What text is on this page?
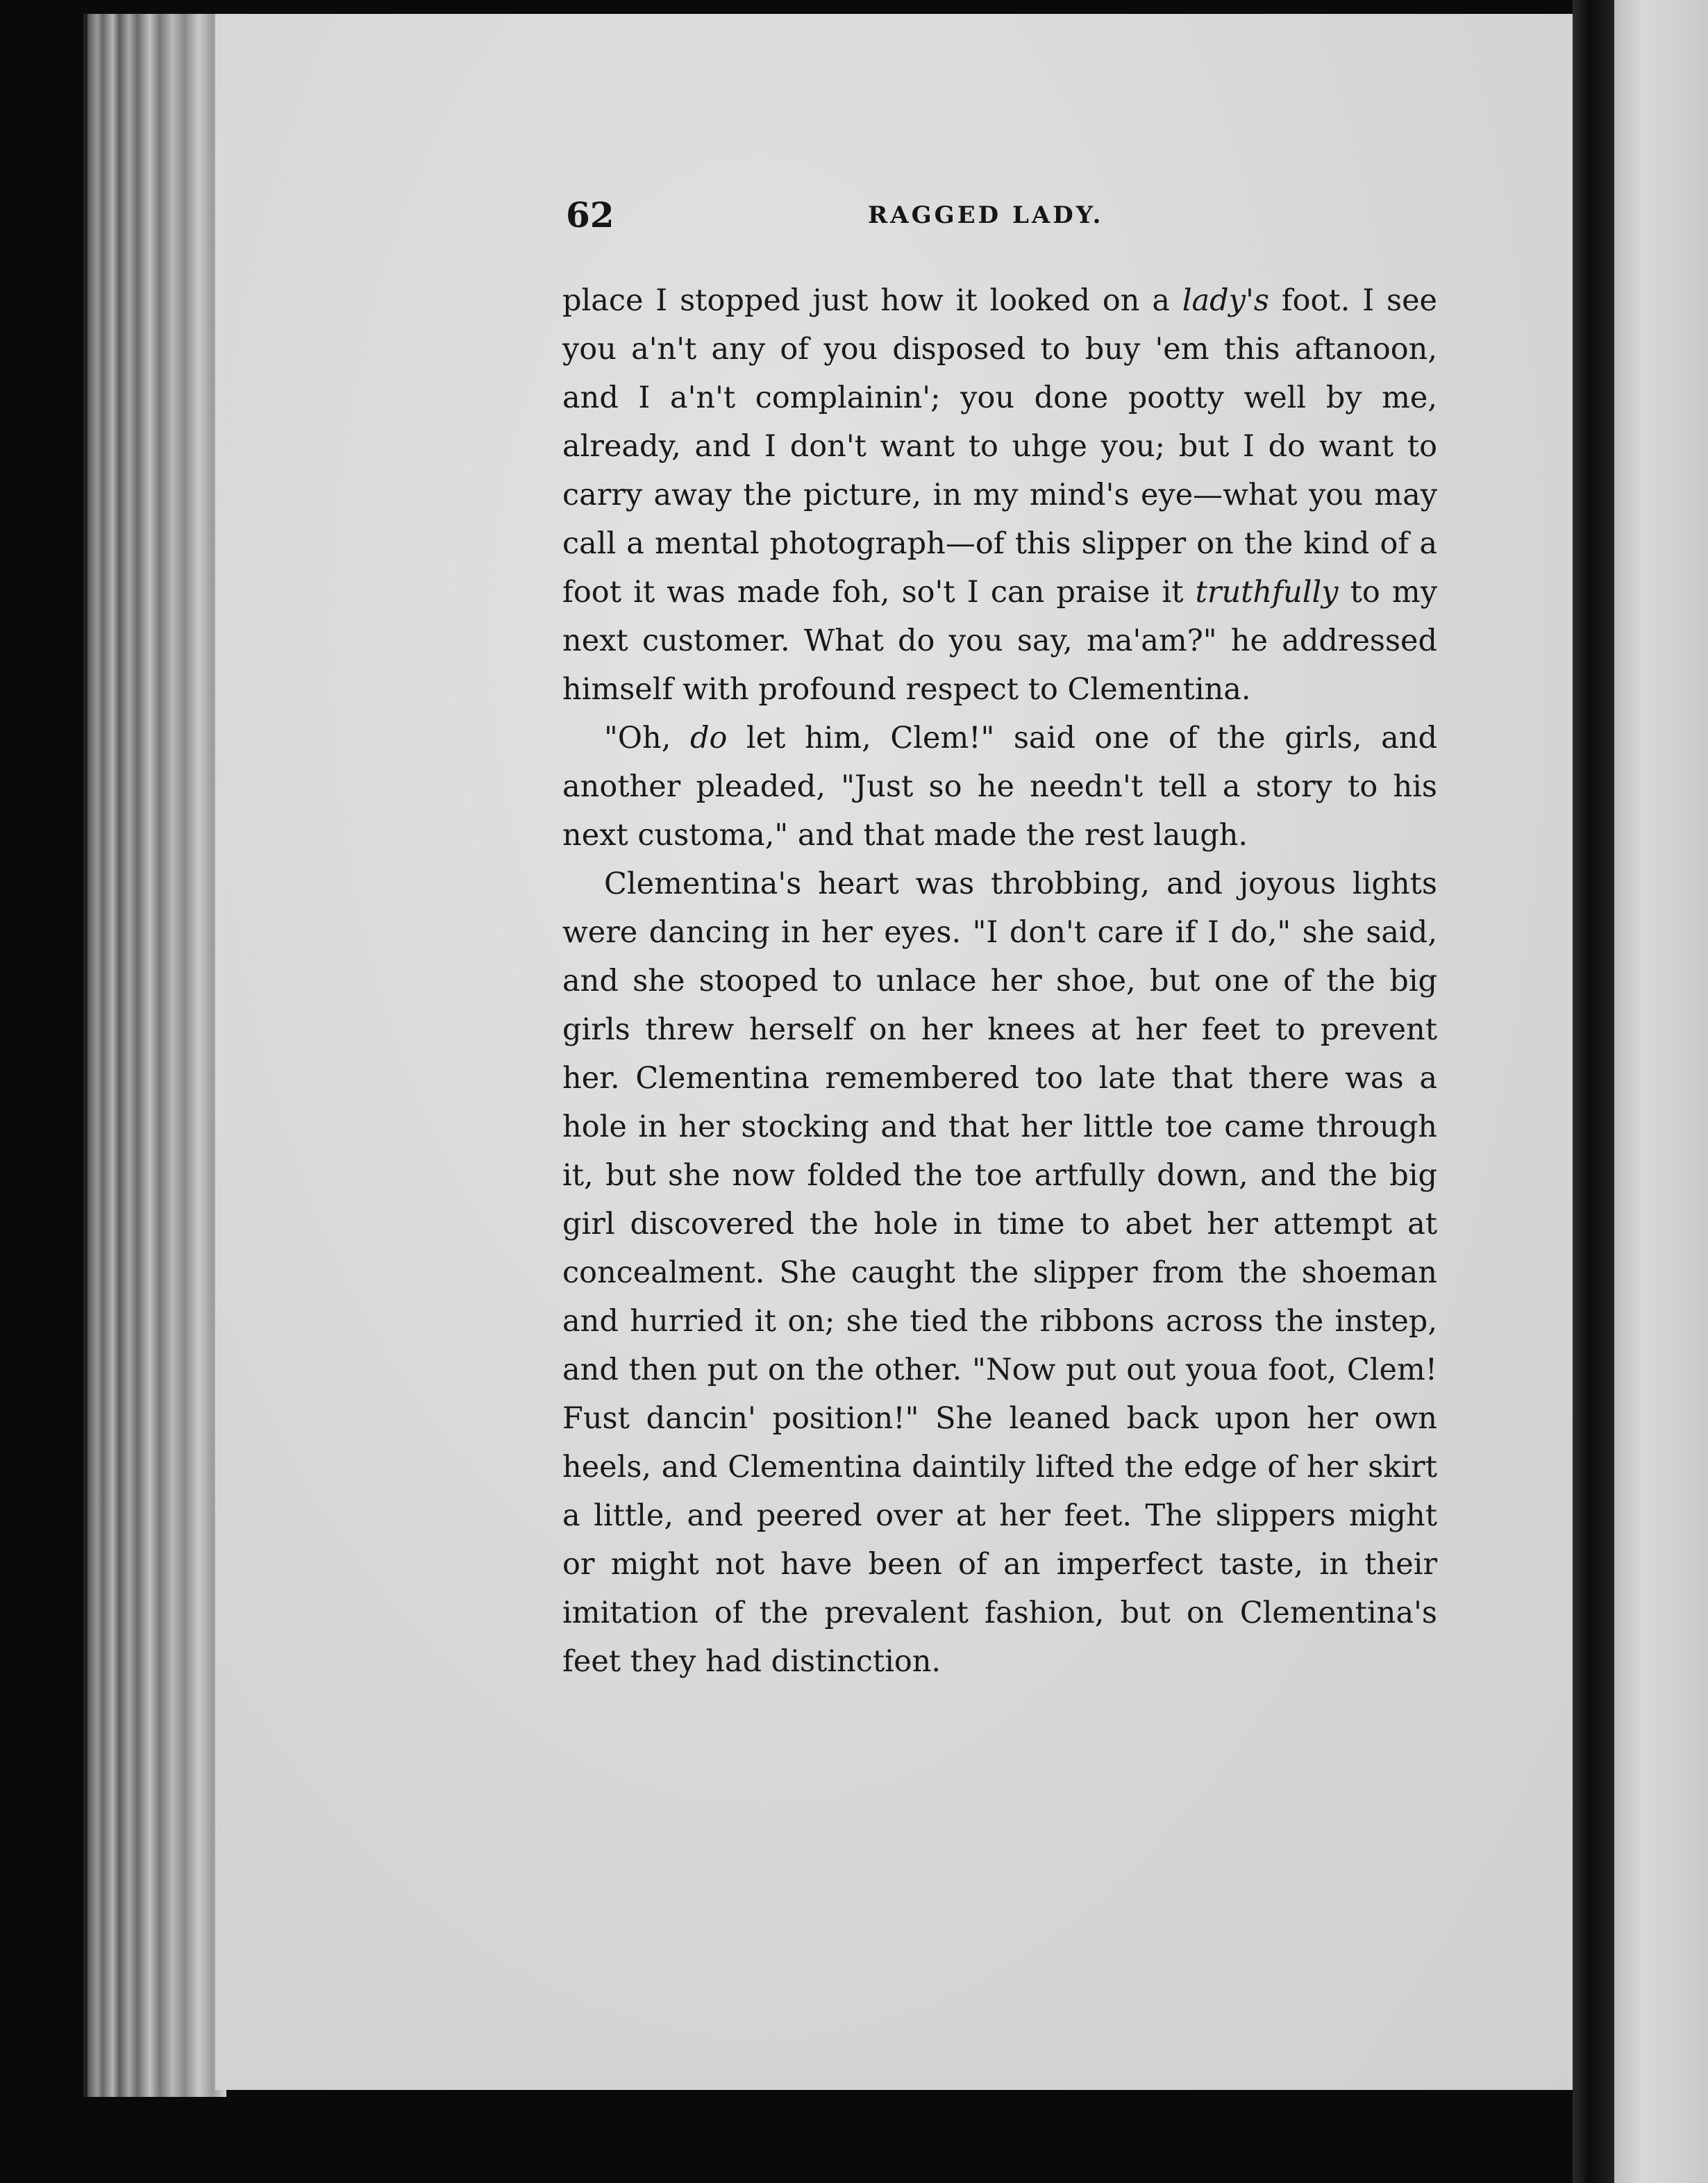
62	RAGGED LADY.

place I stopped just how it looked on a lady's foot. I see you a'n't any of you disposed to buy 'em this aftanoon, and I a'n't complainin'; you done pootty well by me, already, and I don't want to uhge you; but I do want to carry away the picture, in my mind's eye—what you may call a mental photograph—of this slipper on the kind of a foot it was made foh, so't I can praise it truthfully to my next customer. What do you say, ma'am?" he addressed himself with profound respect to Clementina.

"Oh, do let him, Clem!" said one of the girls, and another pleaded, "Just so he needn't tell a story to his next customa," and that made the rest laugh.

Clementina's heart was throbbing, and joyous lights were dancing in her eyes. "I don't care if I do," she said, and she stooped to unlace her shoe, but one of the big girls threw herself on her knees at her feet to prevent her. Clementina remembered too late that there was a hole in her stocking and that her little toe came through it, but she now folded the toe artfully down, and the big girl discovered the hole in time to abet her attempt at concealment. She caught the slipper from the shoeman and hurried it on; she tied the ribbons across the instep, and then put on the other. "Now put out youa foot, Clem! Fust dancin' position!" She leaned back upon her own heels, and Clementina daintily lifted the edge of her skirt a little, and peered over at her feet. The slippers might or might not have been of an imperfect taste, in their imitation of the prevalent fashion, but on Clementina's feet they had distinction.
